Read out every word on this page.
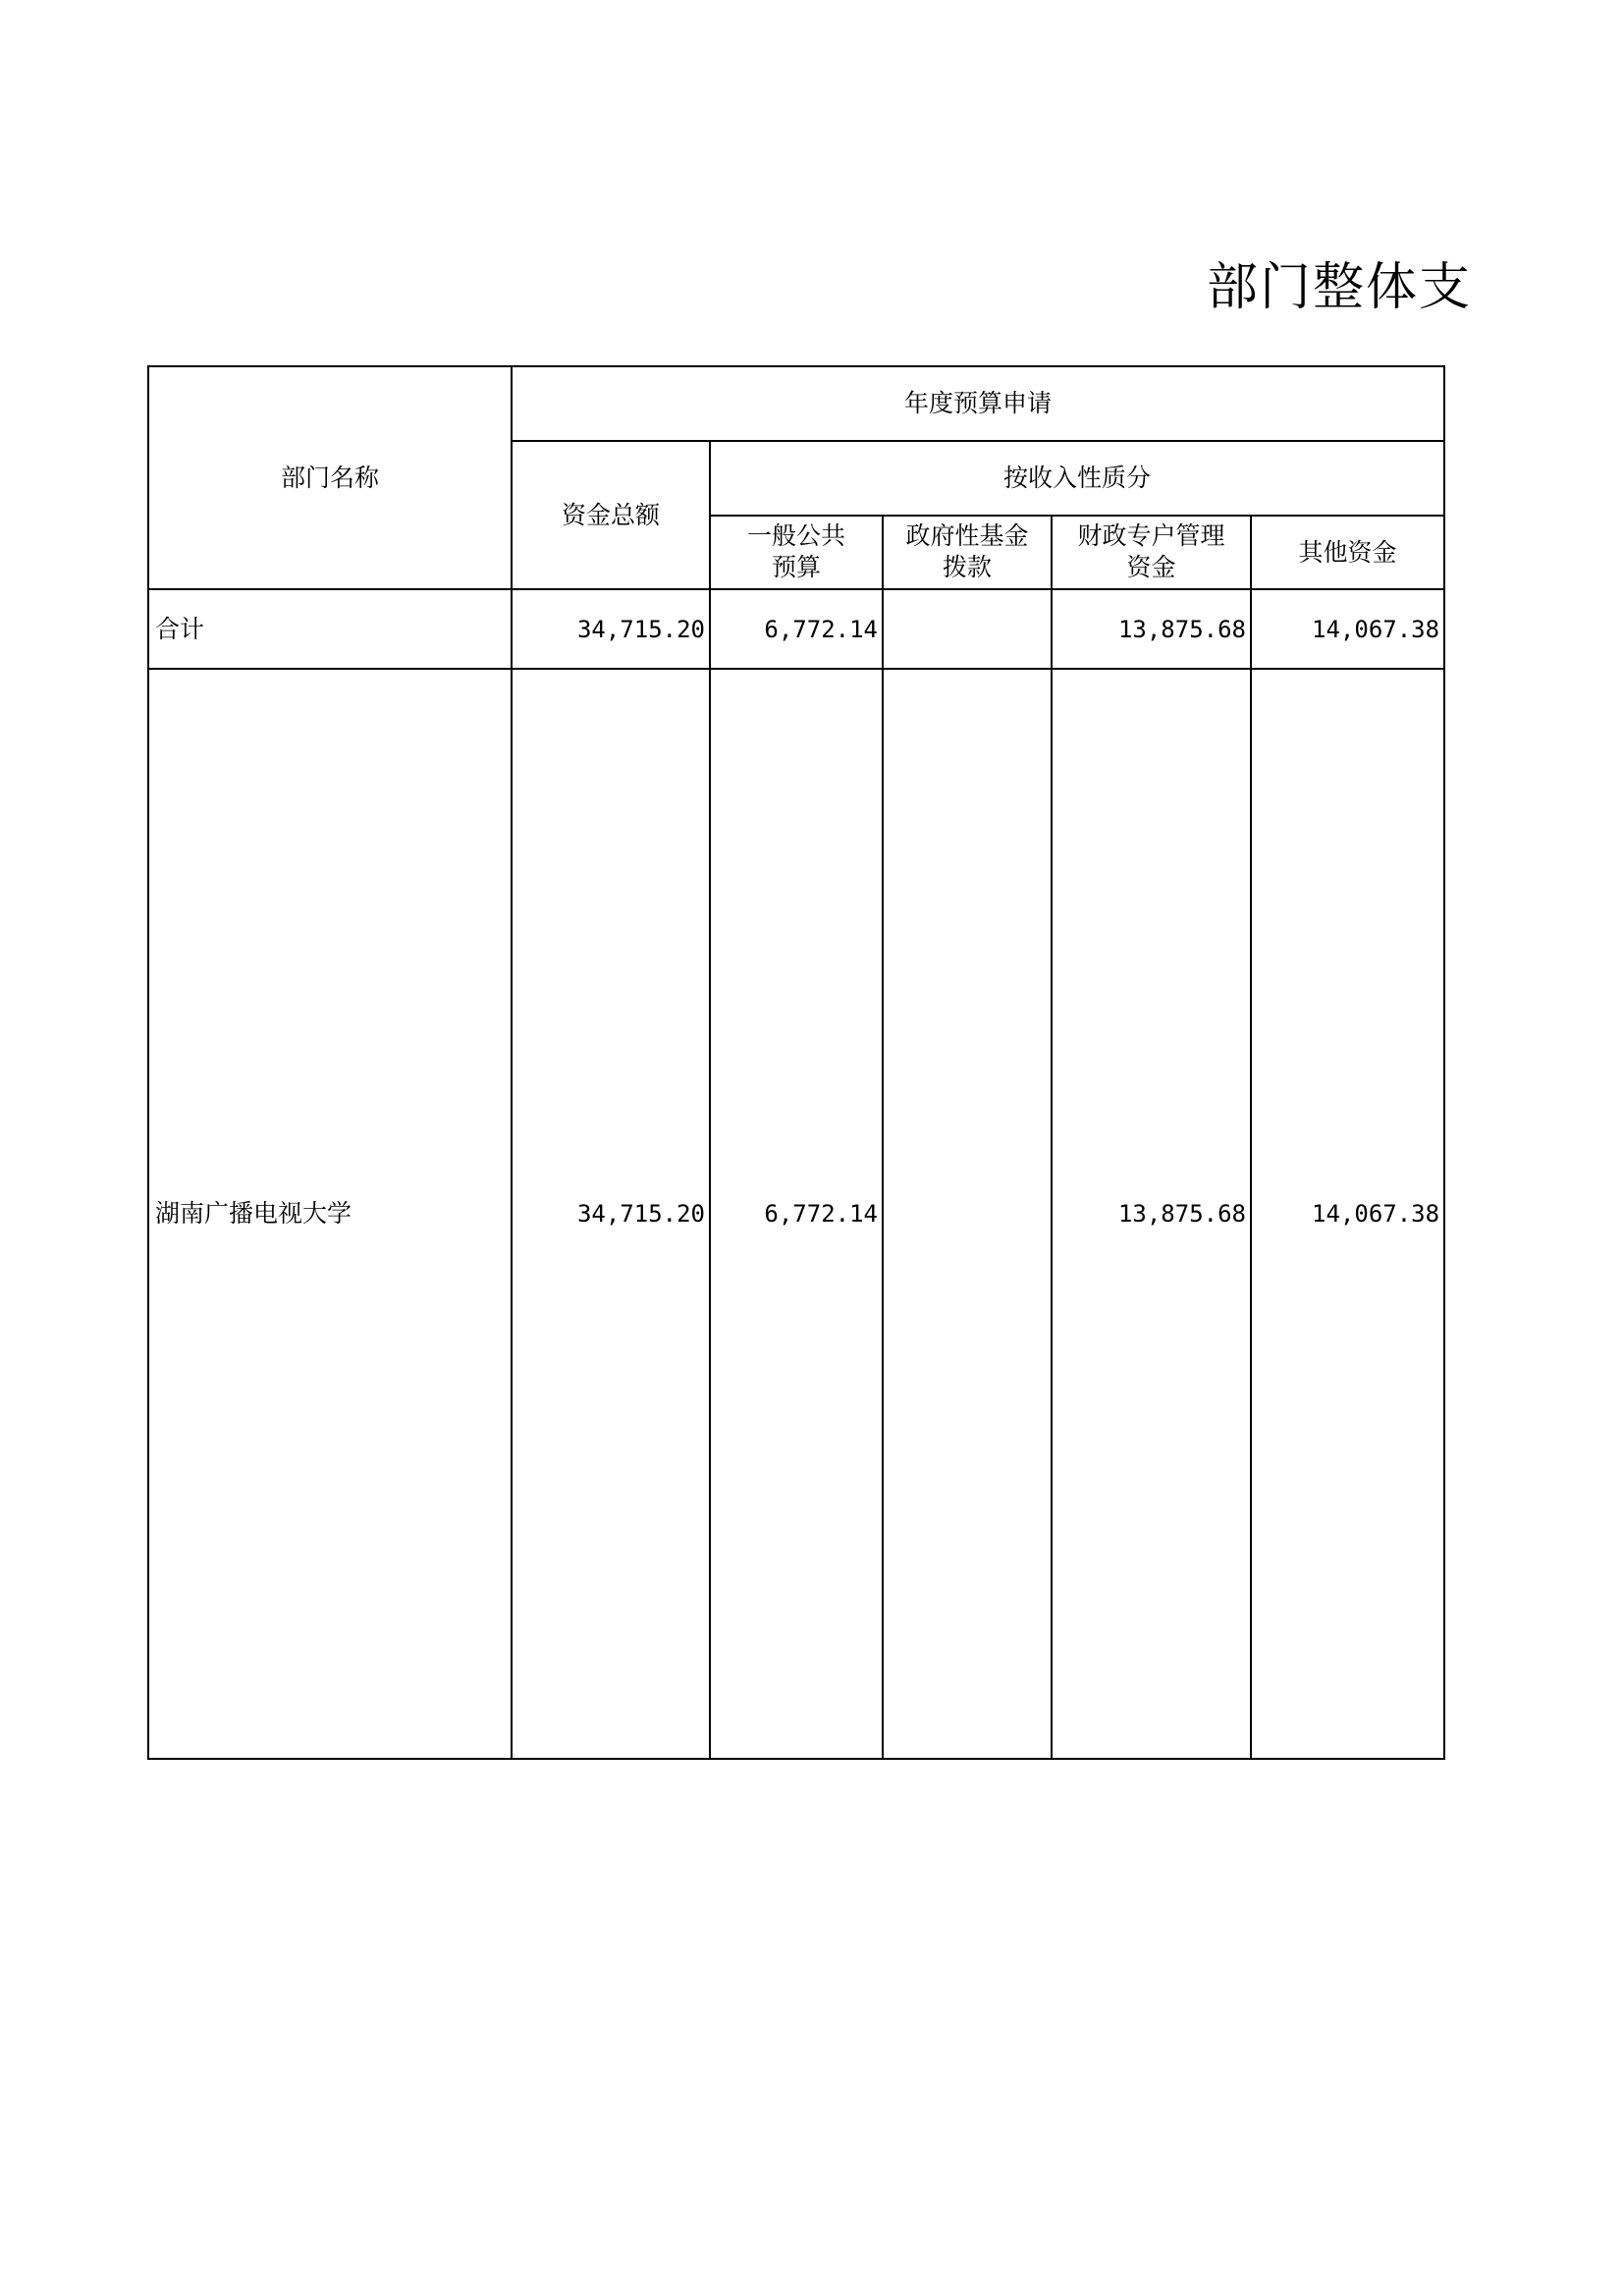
部门整体支
部门名称	年度预算申请				
	资金总额	按收入性质分			
		一般公共预算	政府性基金拨款	财政专户管理资金	其他资金
合计	34,715.20	6,772.14		13,875.68	14,067.38
湖南广播电视大学	34,715.20	6,772.14		13,875.68	14,067.38
